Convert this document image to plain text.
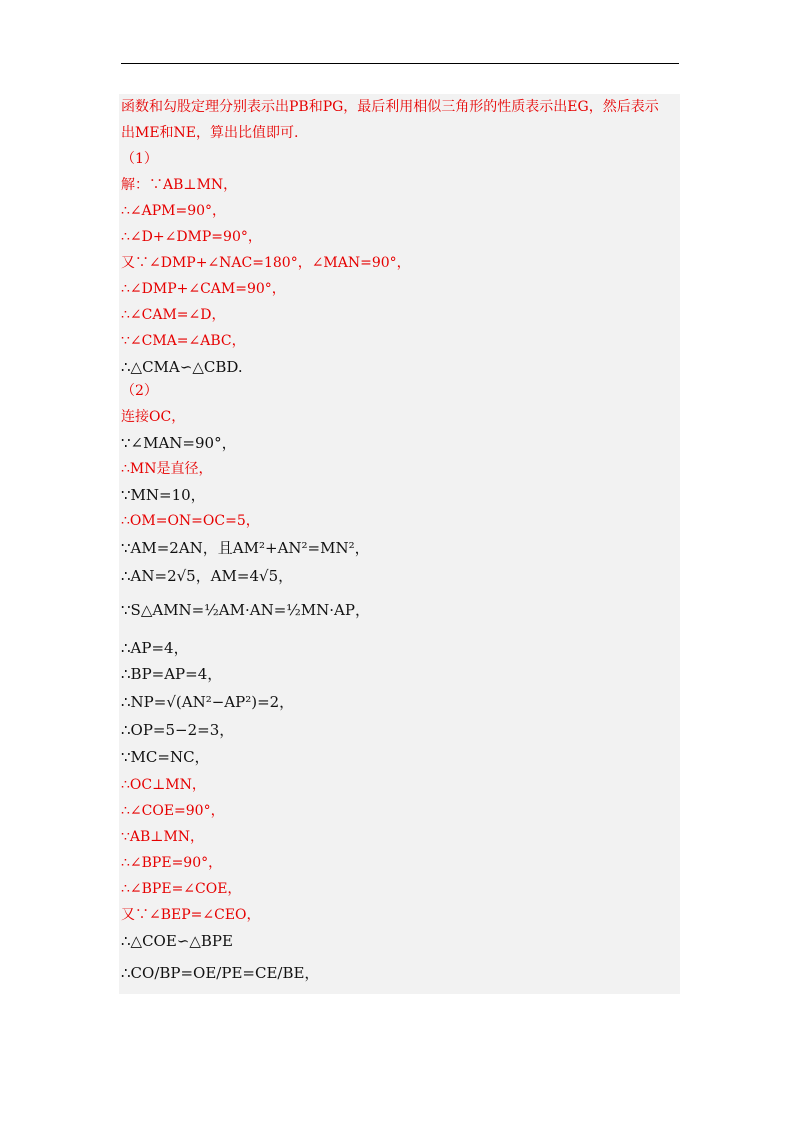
函数和勾股定理分别表示出PB和PG，最后利用相似三角形的性质表示出EG，然后表示
出ME和NE，算出比值即可.
（1）
解：∵AB⊥MN，
∴∠APM=90°，
∴∠D+∠DMP=90°，
又∵∠DMP+∠NAC=180°，∠MAN=90°，
∴∠DMP+∠CAM=90°，
∴∠CAM=∠D，
∵∠CMA=∠ABC，
∴△CMA∽△CBD.
（2）
连接OC，
∵∠MAN=90°，
∴MN是直径，
∵MN=10，
∴OM=ON=OC=5，
∵AM=2AN，且AM²+AN²=MN²，
∴AN=2√5，AM=4√5，
∵S△AMN=½AM·AN=½MN·AP，
∴AP=4，
∴BP=AP=4，
∴NP=√(AN²−AP²)=2，
∴OP=5−2=3，
∵MC=NC，
∴OC⊥MN，
∴∠COE=90°，
∵AB⊥MN，
∴∠BPE=90°，
∴∠BPE=∠COE，
又∵∠BEP=∠CEO，
∴△COE∽△BPE
∴CO/BP=OE/PE=CE/BE，
